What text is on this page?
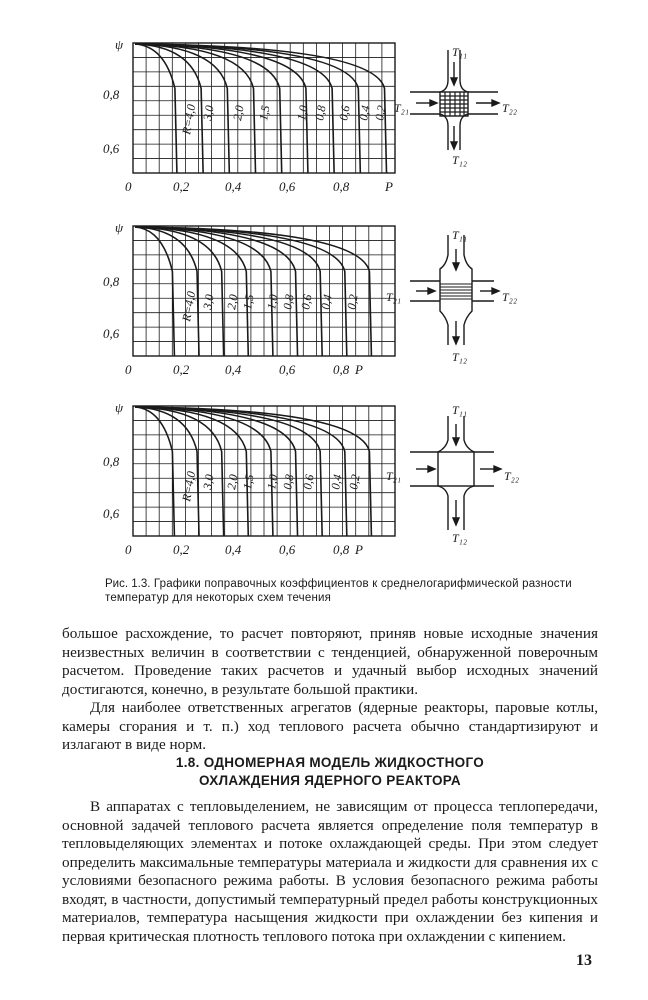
ψ
0,8
0,6
0	0,2	0,4	0,6	0,8	P
R=4,0 3,0 2,0 1,5 1,0 0,8 0,6 0,4 0,2
T₁₁
T₁₂
T₂₁	T₂₂
ψ
0,8
0,6
0	0,2	0,4	0,6	0,8 P
R=4,0 3,0 2,0 1,5 1,0 0,8 0,6 0,4 0,2
T₁₁
T₁₂
T₂₁	T₂₂
ψ
0,8
0,6
0	0,2	0,4	0,6	0,8 P
R=4,0 3,0 2,0 1,5 1,0 0,8 0,6 0,4 0,2
T₁₁
T₁₂
T₂₁	T₂₂
Рис. 1.3. Графики поправочных коэффициентов к среднелогарифмической разности температур для некоторых схем течения

большое расхождение, то расчет повторяют, приняв новые исходные значения неизвестных величин в соответствии с тенденцией, обнаруженной поверочным расчетом. Проведение таких расчетов и удачный выбор исходных значений достигаются, конечно, в результате большой практики.

Для наиболее ответственных агрегатов (ядерные реакторы, паровые котлы, камеры сгорания и т. п.) ход теплового расчета обычно стандартизируют и излагают в виде норм.

1.8. ОДНОМЕРНАЯ МОДЕЛЬ ЖИДКОСТНОГО
ОХЛАЖДЕНИЯ ЯДЕРНОГО РЕАКТОРА

В аппаратах с тепловыделением, не зависящим от процесса теплопередачи, основной задачей теплового расчета является определение поля температур в тепловыделяющих элементах и потоке охлаждающей среды. При этом следует определить максимальные температуры материала и жидкости для сравнения их с условиями безопасного режима работы. В условия безопасного режима работы входят, в частности, допустимый температурный предел работы конструкционных материалов, температура насыщения жидкости при охлаждении без кипения и первая критическая плотность теплового потока при охлаждении с кипением.

13
